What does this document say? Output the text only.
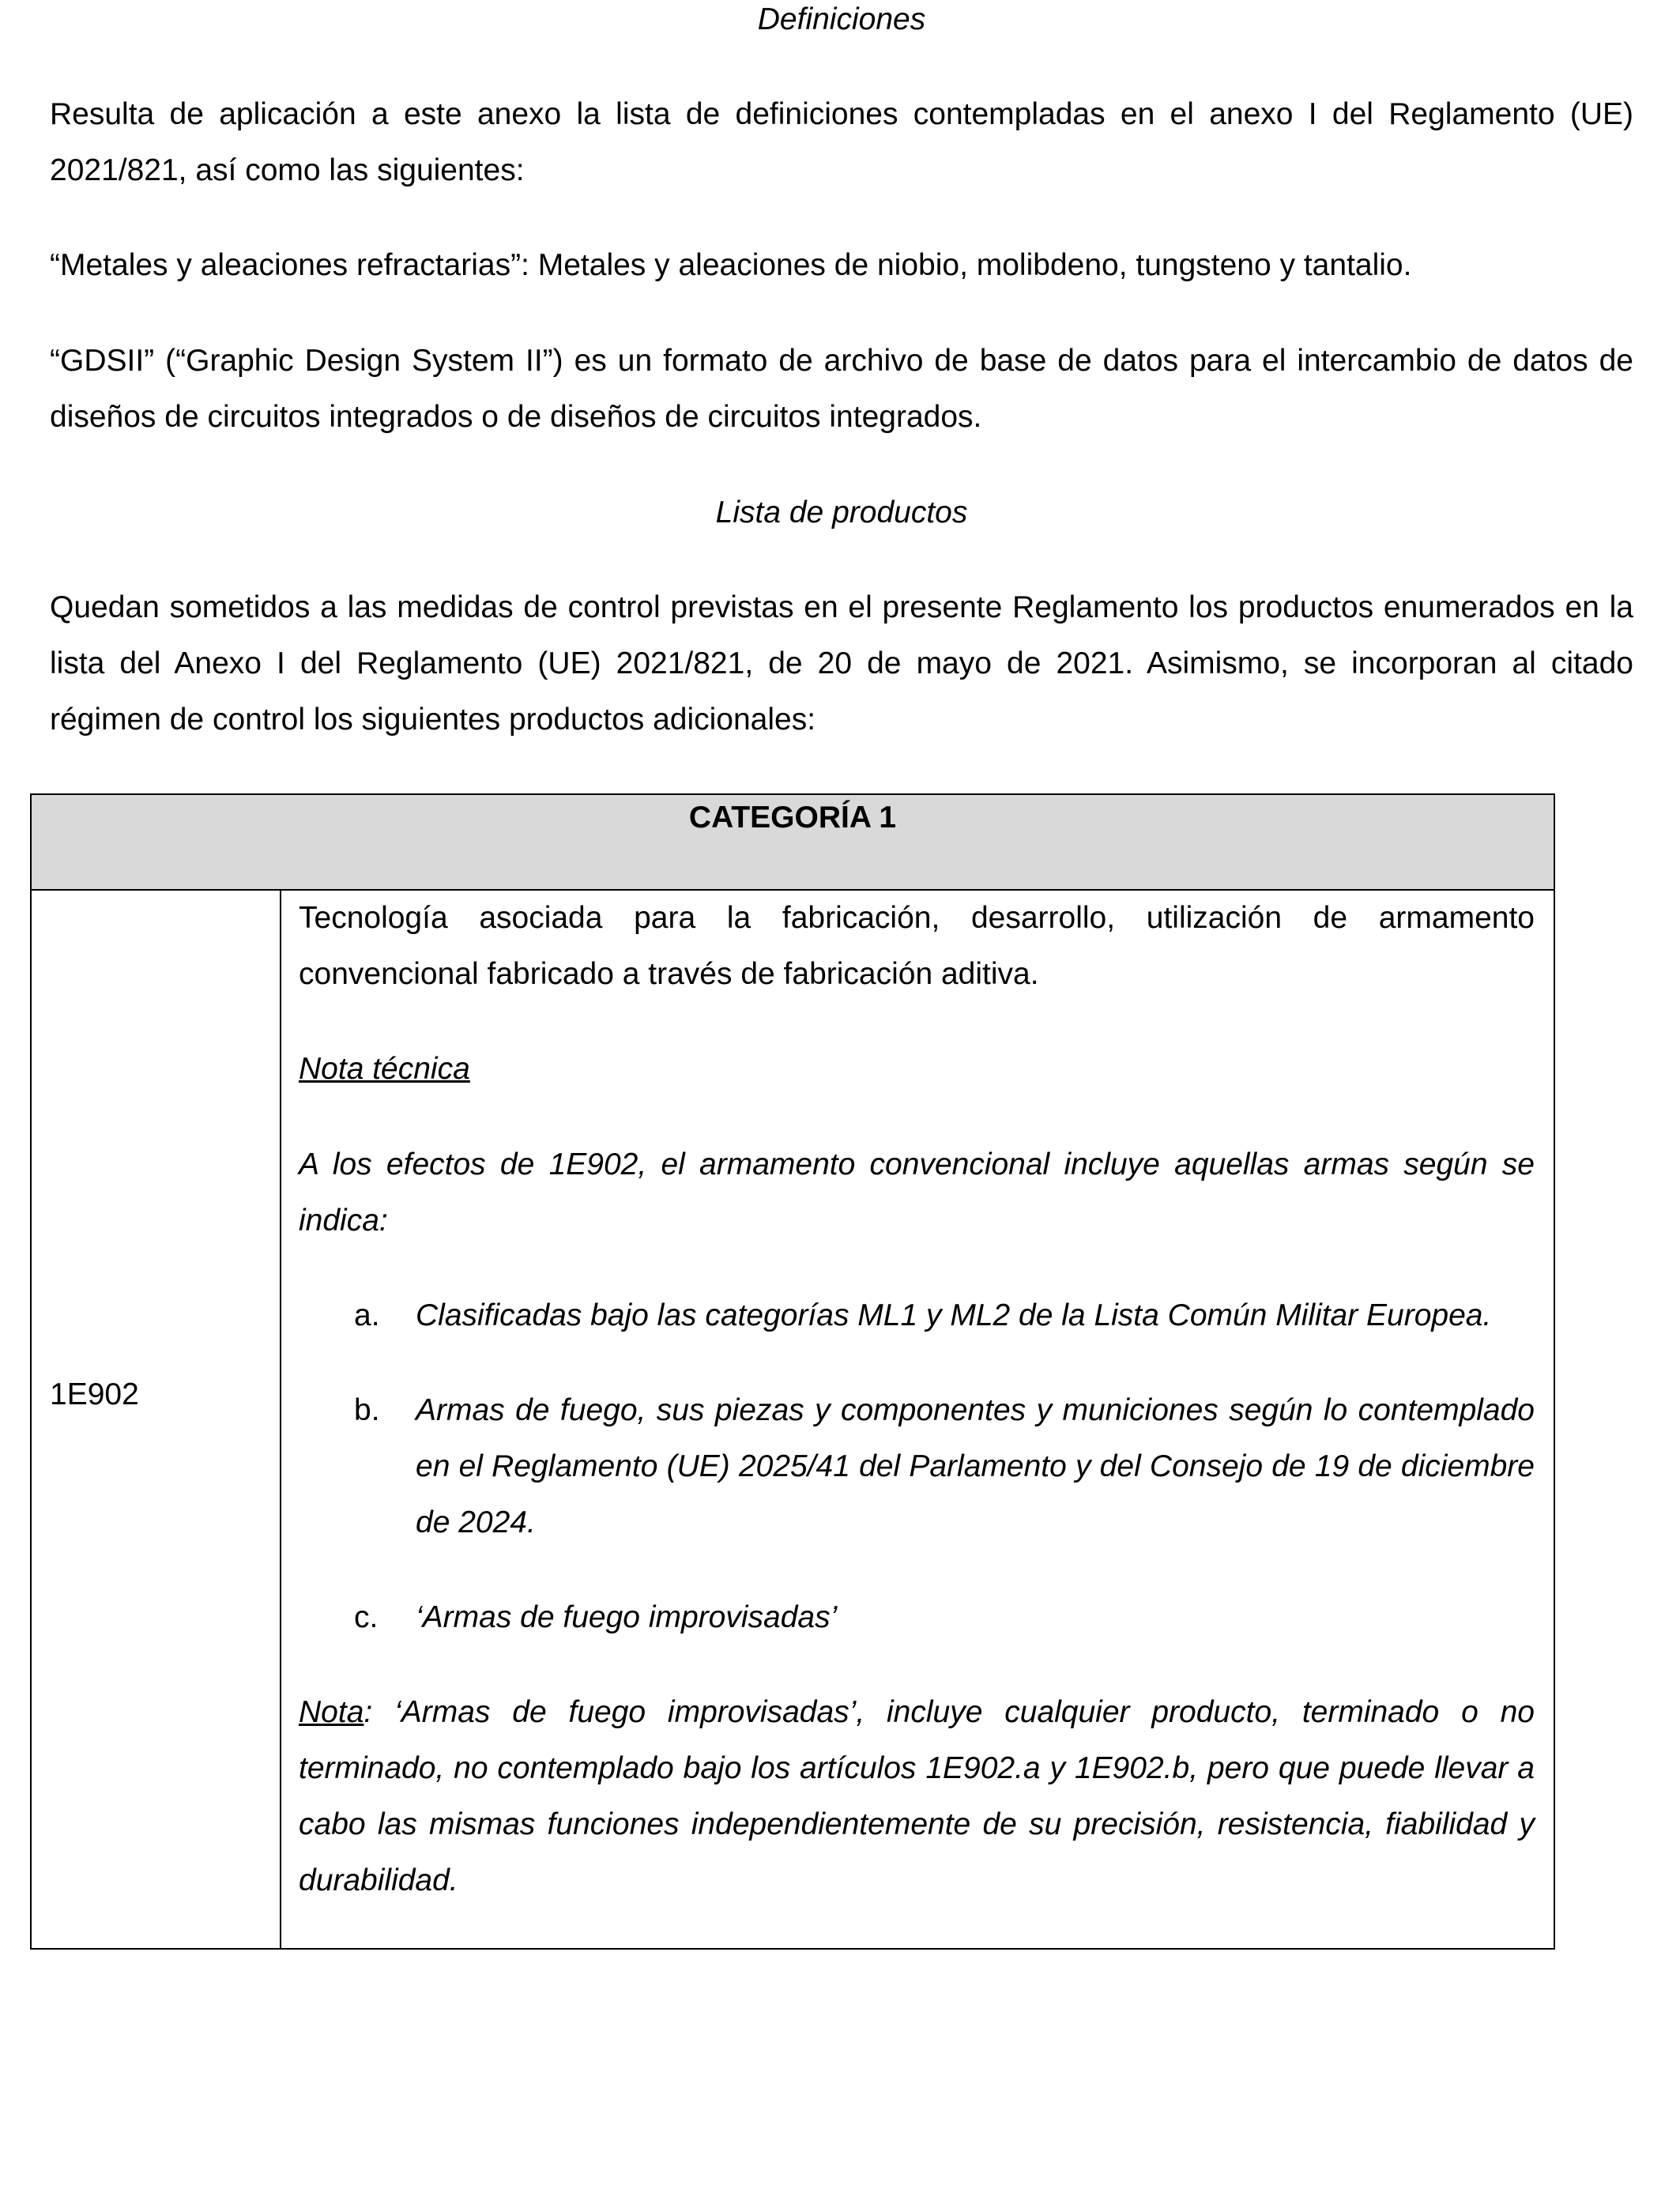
Definiciones

Resulta de aplicación a este anexo la lista de definiciones contempladas en el anexo I del Reglamento (UE) 2021/821, así como las siguientes:

“Metales y aleaciones refractarias”: Metales y aleaciones de niobio, molibdeno, tungsteno y tantalio.

“GDSII” (“Graphic Design System II”) es un formato de archivo de base de datos para el intercambio de datos de diseños de circuitos integrados o de diseños de circuitos integrados.

Lista de productos

Quedan sometidos a las medidas de control previstas en el presente Reglamento los productos enumerados en la lista del Anexo I del Reglamento (UE) 2021/821, de 20 de mayo de 2021. Asimismo, se incorporan al citado régimen de control los siguientes productos adicionales:

CATEGORÍA 1
1E902

Tecnología asociada para la fabricación, desarrollo, utilización de armamento convencional fabricado a través de fabricación aditiva.

Nota técnica

A los efectos de 1E902, el armamento convencional incluye aquellas armas según se indica:

a. Clasificadas bajo las categorías ML1 y ML2 de la Lista Común Militar Europea.

b. Armas de fuego, sus piezas y componentes y municiones según lo contemplado en el Reglamento (UE) 2025/41 del Parlamento y del Consejo de 19 de diciembre de 2024.

c. ‘Armas de fuego improvisadas’

Nota: ‘Armas de fuego improvisadas’, incluye cualquier producto, terminado o no terminado, no contemplado bajo los artículos 1E902.a y 1E902.b, pero que puede llevar a cabo las mismas funciones independientemente de su precisión, resistencia, fiabilidad y durabilidad.
